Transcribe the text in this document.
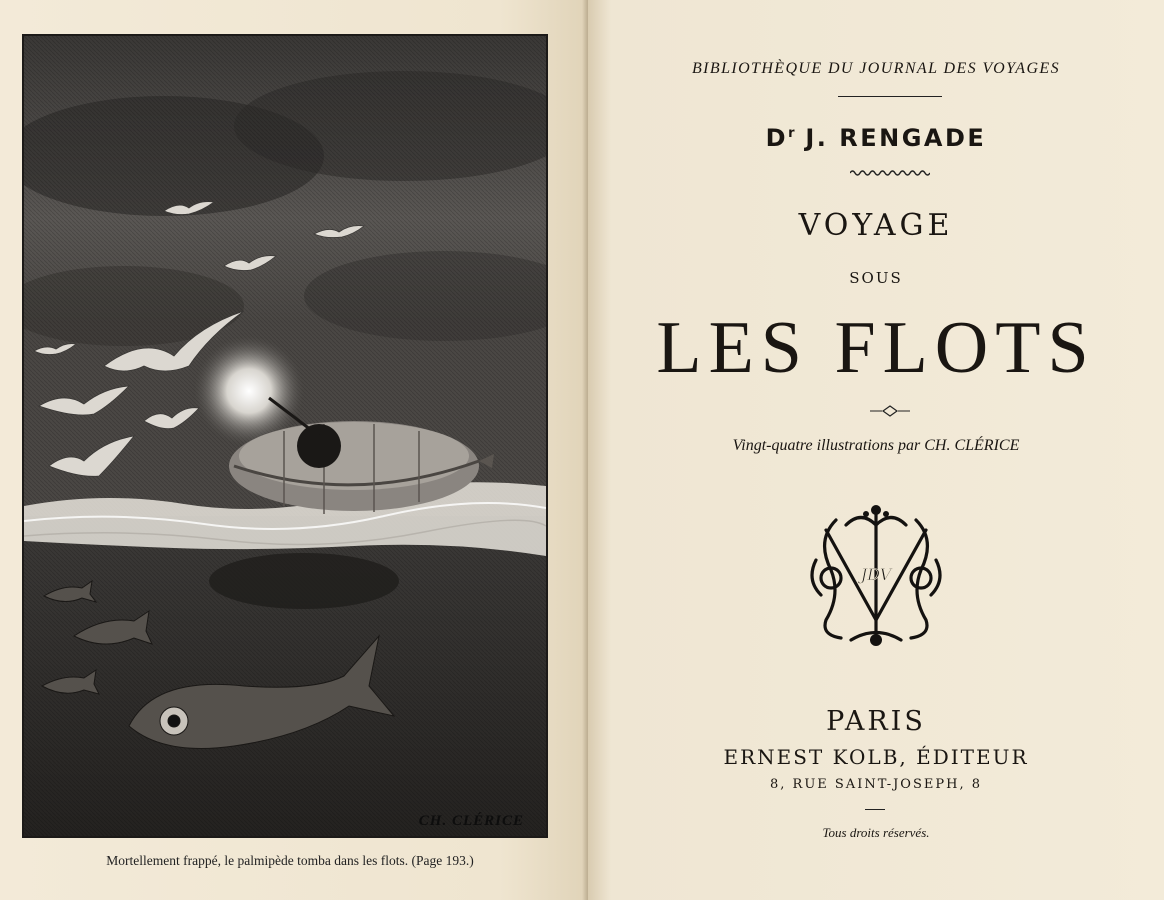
CH. CLÉRICE
Mortellement frappé, le palmipède tomba dans les flots. (Page 193.)
BIBLIOTHÈQUE DU JOURNAL DES VOYAGES
$D^r$ J. RENGADE
VOYAGE
SOUS
LES FLOTS
Vingt-quatre illustrations par CH. CLÉRICE
JDV
PARIS
ERNEST KOLB, ÉDITEUR
8, RUE SAINT-JOSEPH, 8
Tous droits réservés.
